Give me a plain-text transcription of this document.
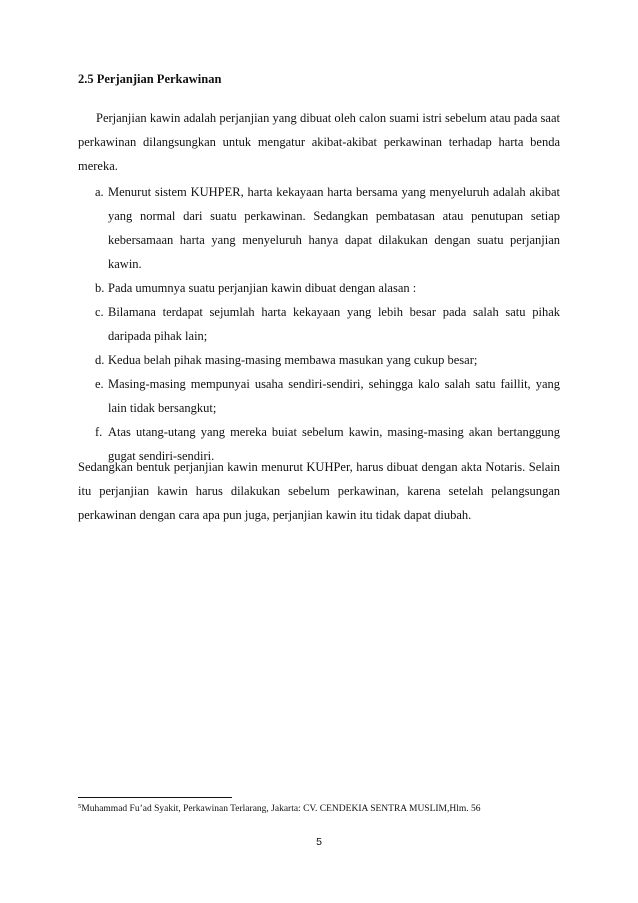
2.5 Perjanjian Perkawinan
Perjanjian kawin adalah perjanjian yang dibuat oleh calon suami istri sebelum atau pada saat perkawinan dilangsungkan untuk mengatur akibat-akibat perkawinan terhadap harta benda mereka.
a. Menurut sistem KUHPER, harta kekayaan harta bersama yang menyeluruh adalah akibat yang normal dari suatu perkawinan. Sedangkan pembatasan atau penutupan setiap kebersamaan harta yang menyeluruh hanya dapat dilakukan dengan suatu perjanjian kawin.
b. Pada umumnya suatu perjanjian kawin dibuat dengan alasan :
c. Bilamana terdapat sejumlah harta kekayaan yang lebih besar pada salah satu pihak daripada pihak lain;
d. Kedua belah pihak masing-masing membawa masukan yang cukup besar;
e. Masing-masing mempunyai usaha sendiri-sendiri, sehingga kalo salah satu faillit, yang lain tidak bersangkut;
f. Atas utang-utang yang mereka buiat sebelum kawin, masing-masing akan bertanggung gugat sendiri-sendiri.
Sedangkan bentuk perjanjian kawin menurut KUHPer, harus dibuat dengan akta Notaris. Selain itu perjanjian kawin harus dilakukan sebelum perkawinan, karena setelah pelangsungan perkawinan dengan cara apa pun juga, perjanjian kawin itu tidak dapat diubah.
$^5$Muhammad Fu’ad Syakit, Perkawinan Terlarang, Jakarta: CV. CENDEKIA SENTRA MUSLIM,Hlm. 56
5
